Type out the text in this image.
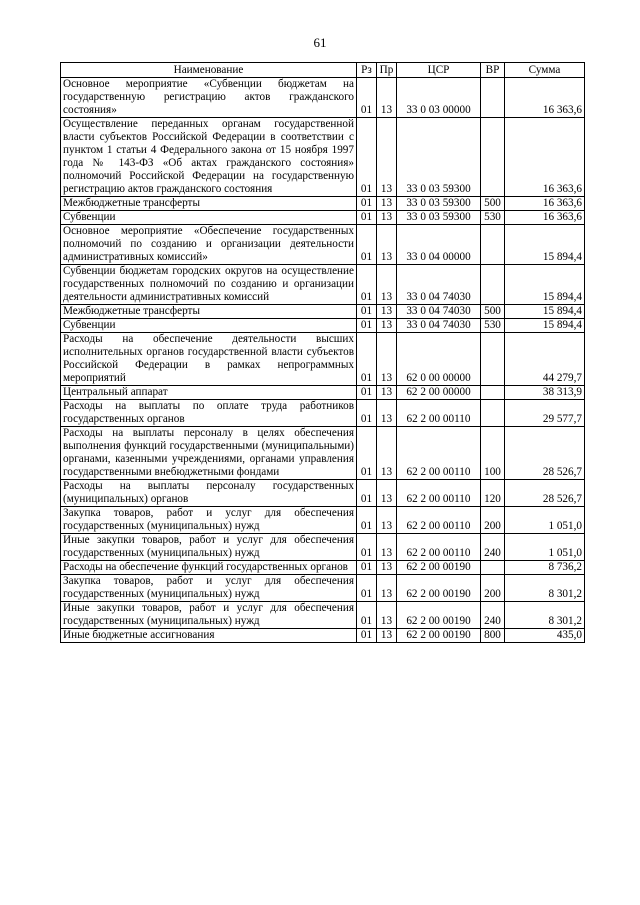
61
Наименование	Рз	Пр	ЦСР	ВР	Сумма
Основное мероприятие «Субвенции бюджетам на государственную регистрацию актов гражданского состояния»	01	13	33 0 03 00000		16 363,6
Осуществление переданных органам государственной власти субъектов Российской Федерации в соответствии с пунктом 1 статьи 4 Федерального закона от 15 ноября 1997 года № 143-ФЗ «Об актах гражданского состояния» полномочий Российской Федерации на государственную регистрацию актов гражданского состояния	01	13	33 0 03 59300		16 363,6
Межбюджетные трансферты	01	13	33 0 03 59300	500	16 363,6
Субвенции	01	13	33 0 03 59300	530	16 363,6
Основное мероприятие «Обеспечение государственных полномочий по созданию и организации деятельности административных комиссий»	01	13	33 0 04 00000		15 894,4
Субвенции бюджетам городских округов на осуществление государственных полномочий по созданию и организации деятельности административных комиссий	01	13	33 0 04 74030		15 894,4
Межбюджетные трансферты	01	13	33 0 04 74030	500	15 894,4
Субвенции	01	13	33 0 04 74030	530	15 894,4
Расходы на обеспечение деятельности высших исполнительных органов государственной власти субъектов Российской Федерации в рамках непрограммных мероприятий	01	13	62 0 00 00000		44 279,7
Центральный аппарат	01	13	62 2 00 00000		38 313,9
Расходы на выплаты по оплате труда работников государственных органов	01	13	62 2 00 00110		29 577,7
Расходы на выплаты персоналу в целях обеспечения выполнения функций государственными (муниципальными) органами, казенными учреждениями, органами управления государственными внебюджетными фондами	01	13	62 2 00 00110	100	28 526,7
Расходы на выплаты персоналу государственных (муниципальных) органов	01	13	62 2 00 00110	120	28 526,7
Закупка товаров, работ и услуг для обеспечения государственных (муниципальных) нужд	01	13	62 2 00 00110	200	1 051,0
Иные закупки товаров, работ и услуг для обеспечения государственных (муниципальных) нужд	01	13	62 2 00 00110	240	1 051,0
Расходы на обеспечение функций государственных органов	01	13	62 2 00 00190		8 736,2
Закупка товаров, работ и услуг для обеспечения государственных (муниципальных) нужд	01	13	62 2 00 00190	200	8 301,2
Иные закупки товаров, работ и услуг для обеспечения государственных (муниципальных) нужд	01	13	62 2 00 00190	240	8 301,2
Иные бюджетные ассигнования	01	13	62 2 00 00190	800	435,0
